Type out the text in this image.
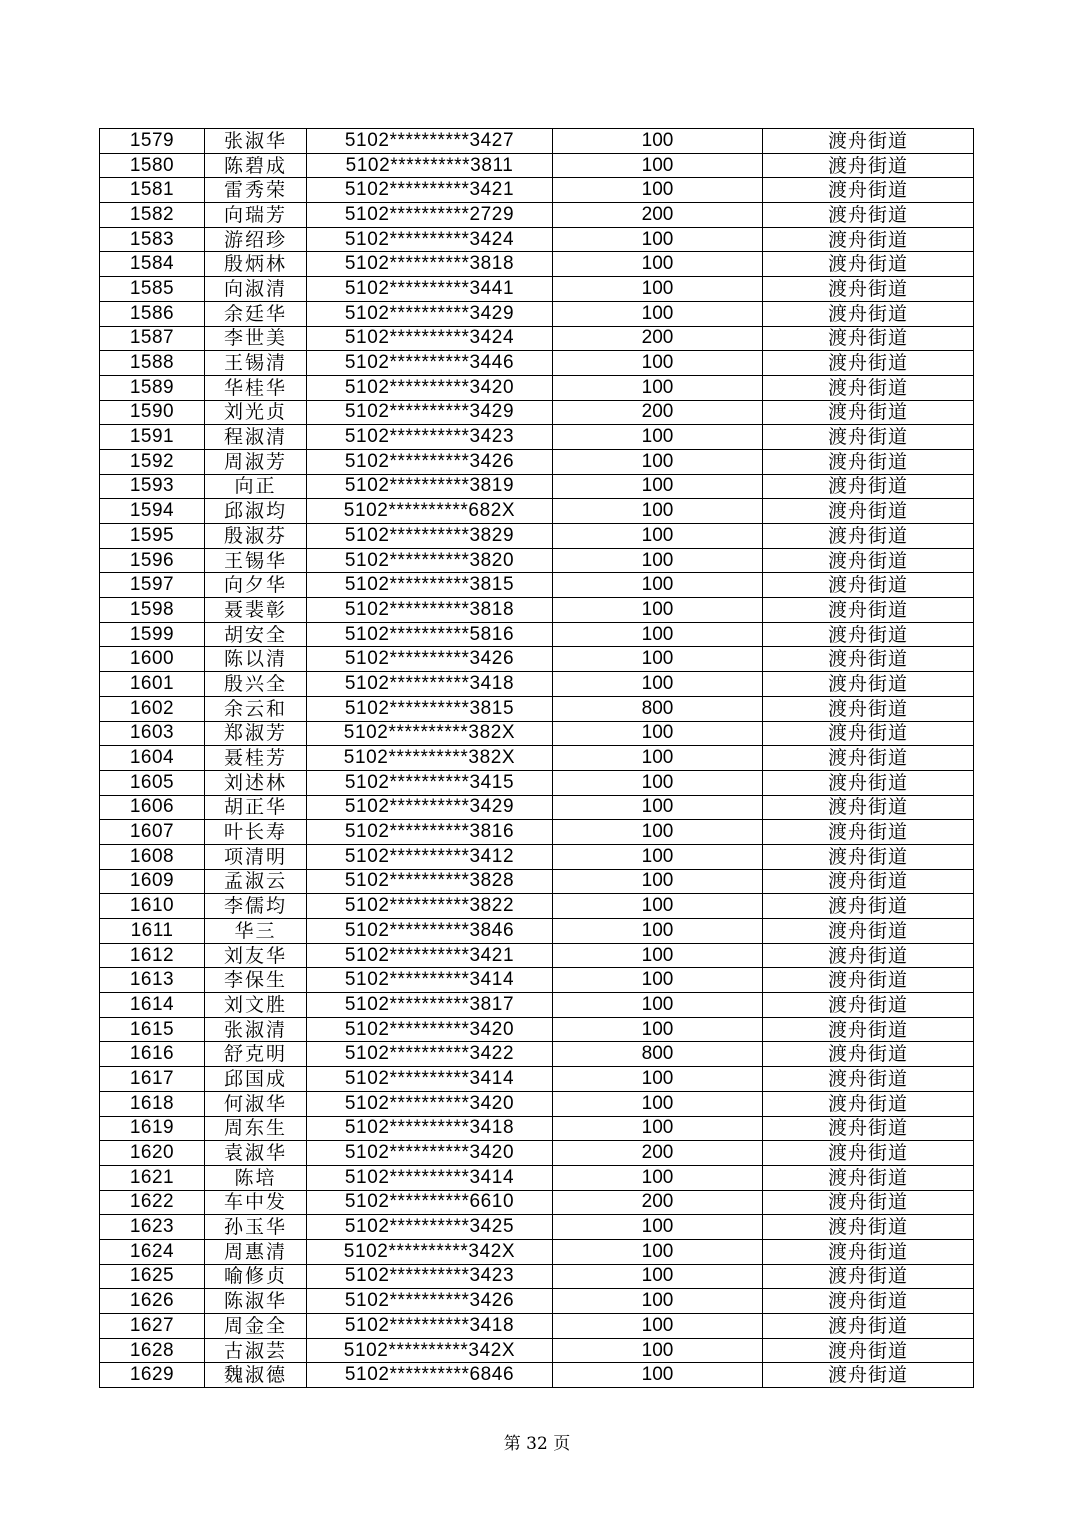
1579	张淑华	5102**********3427	100	渡舟街道
1580	陈碧成	5102**********3811	100	渡舟街道
1581	雷秀荣	5102**********3421	100	渡舟街道
1582	向瑞芳	5102**********2729	200	渡舟街道
1583	游绍珍	5102**********3424	100	渡舟街道
1584	殷炳林	5102**********3818	100	渡舟街道
1585	向淑清	5102**********3441	100	渡舟街道
1586	余廷华	5102**********3429	100	渡舟街道
1587	李世美	5102**********3424	200	渡舟街道
1588	王锡清	5102**********3446	100	渡舟街道
1589	华桂华	5102**********3420	100	渡舟街道
1590	刘光贞	5102**********3429	200	渡舟街道
1591	程淑清	5102**********3423	100	渡舟街道
1592	周淑芳	5102**********3426	100	渡舟街道
1593	向正	5102**********3819	100	渡舟街道
1594	邱淑均	5102**********682X	100	渡舟街道
1595	殷淑芬	5102**********3829	100	渡舟街道
1596	王锡华	5102**********3820	100	渡舟街道
1597	向夕华	5102**********3815	100	渡舟街道
1598	聂裴彰	5102**********3818	100	渡舟街道
1599	胡安全	5102**********5816	100	渡舟街道
1600	陈以清	5102**********3426	100	渡舟街道
1601	殷兴全	5102**********3418	100	渡舟街道
1602	余云和	5102**********3815	800	渡舟街道
1603	郑淑芳	5102**********382X	100	渡舟街道
1604	聂桂芳	5102**********382X	100	渡舟街道
1605	刘述林	5102**********3415	100	渡舟街道
1606	胡正华	5102**********3429	100	渡舟街道
1607	叶长寿	5102**********3816	100	渡舟街道
1608	项清明	5102**********3412	100	渡舟街道
1609	孟淑云	5102**********3828	100	渡舟街道
1610	李儒均	5102**********3822	100	渡舟街道
1611	华三	5102**********3846	100	渡舟街道
1612	刘友华	5102**********3421	100	渡舟街道
1613	李保生	5102**********3414	100	渡舟街道
1614	刘文胜	5102**********3817	100	渡舟街道
1615	张淑清	5102**********3420	100	渡舟街道
1616	舒克明	5102**********3422	800	渡舟街道
1617	邱国成	5102**********3414	100	渡舟街道
1618	何淑华	5102**********3420	100	渡舟街道
1619	周东生	5102**********3418	100	渡舟街道
1620	袁淑华	5102**********3420	200	渡舟街道
1621	陈培	5102**********3414	100	渡舟街道
1622	车中发	5102**********6610	200	渡舟街道
1623	孙玉华	5102**********3425	100	渡舟街道
1624	周惠清	5102**********342X	100	渡舟街道
1625	喻修贞	5102**********3423	100	渡舟街道
1626	陈淑华	5102**********3426	100	渡舟街道
1627	周金全	5102**********3418	100	渡舟街道
1628	古淑芸	5102**********342X	100	渡舟街道
1629	魏淑德	5102**********6846	100	渡舟街道
第 32 页
